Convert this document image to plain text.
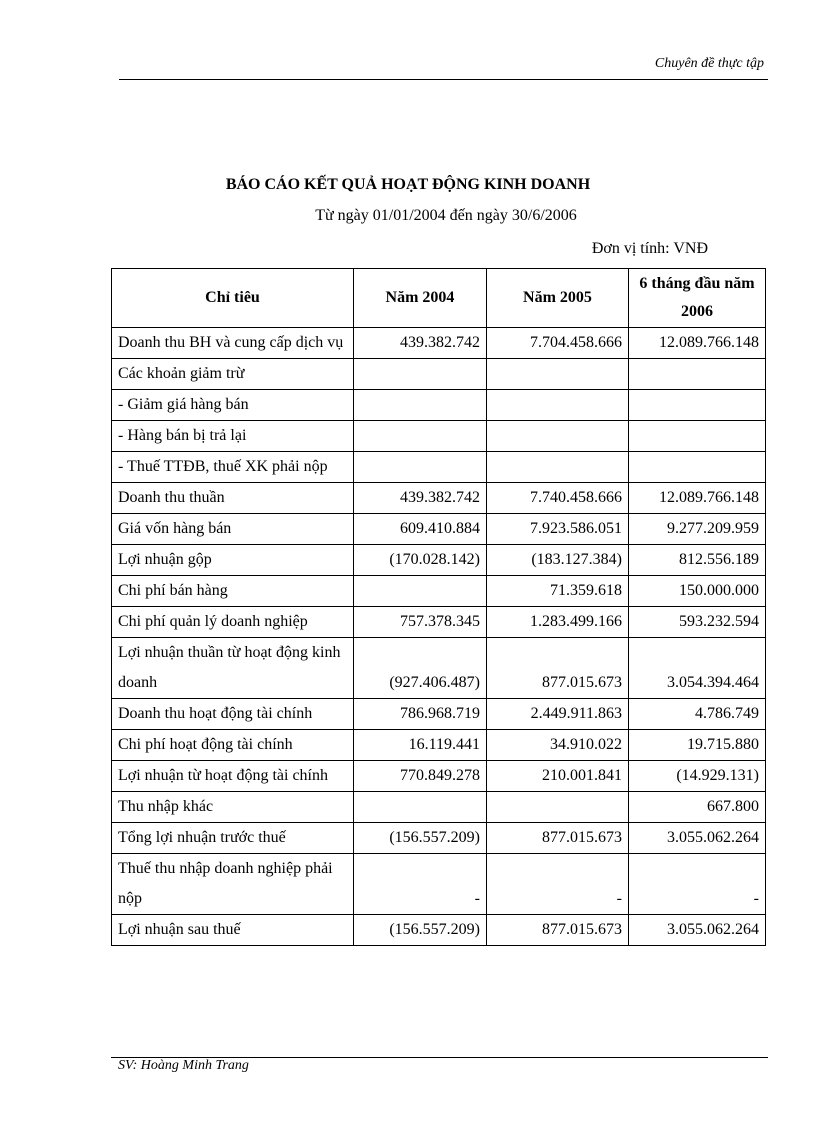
Chuyên đề thực tập
BÁO CÁO KẾT QUẢ HOẠT ĐỘNG KINH DOANH
Từ ngày 01/01/2004 đến ngày 30/6/2006
Đơn vị tính: VNĐ
Chỉ tiêu	Năm 2004	Năm 2005	6 tháng đầu năm 2006
Doanh thu BH và cung cấp dịch vụ	439.382.742	7.704.458.666	12.089.766.148
Các khoản giảm trừ			
- Giảm giá hàng bán			
- Hàng bán bị trả lại			
- Thuế TTĐB, thuế XK phải nộp			
Doanh thu thuần	439.382.742	7.740.458.666	12.089.766.148
Giá vốn hàng bán	609.410.884	7.923.586.051	9.277.209.959
Lợi nhuận gộp	(170.028.142)	(183.127.384)	812.556.189
Chi phí bán hàng		71.359.618	150.000.000
Chi phí quản lý doanh nghiệp	757.378.345	1.283.499.166	593.232.594
Lợi nhuận thuần từ hoạt động kinh doanh	(927.406.487)	877.015.673	3.054.394.464
Doanh thu hoạt động tài chính	786.968.719	2.449.911.863	4.786.749
Chi phí hoạt động tài chính	16.119.441	34.910.022	19.715.880
Lợi nhuận từ hoạt động tài chính	770.849.278	210.001.841	(14.929.131)
Thu nhập khác			667.800
Tổng lợi nhuận trước thuế	(156.557.209)	877.015.673	3.055.062.264
Thuế thu nhập doanh nghiệp phải nộp	-	-	-
Lợi nhuận sau thuế	(156.557.209)	877.015.673	3.055.062.264
SV: Hoàng Minh Trang
